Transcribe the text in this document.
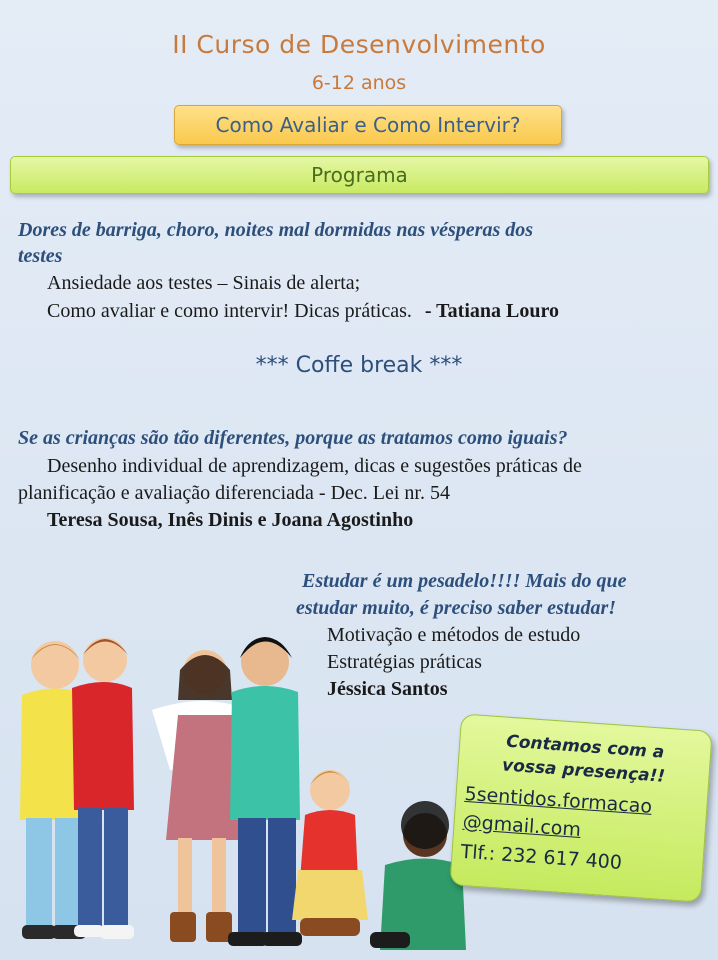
II Curso de Desenvolvimento
6-12 anos
Como Avaliar e Como Intervir?
Programa
Dores de barriga, choro, noites mal dormidas nas vésperas dos
testes
Ansiedade aos testes – Sinais de alerta;
Como avaliar e como intervir! Dicas práticas. - Tatiana Louro
*** Coffe break ***
Se as crianças são tão diferentes, porque as tratamos como iguais?
Desenho individual de aprendizagem, dicas e sugestões práticas de
planificação e avaliação diferenciada - Dec. Lei nr. 54
Teresa Sousa, Inês Dinis e Joana Agostinho
Estudar é um pesadelo!!!! Mais do que
estudar muito, é preciso saber estudar!
Motivação e métodos de estudo
Estratégias práticas
Jéssica Santos
Contamos com a
vossa presença!!
5sentidos.formacao
@gmail.com
Tlf.: 232 617 400
